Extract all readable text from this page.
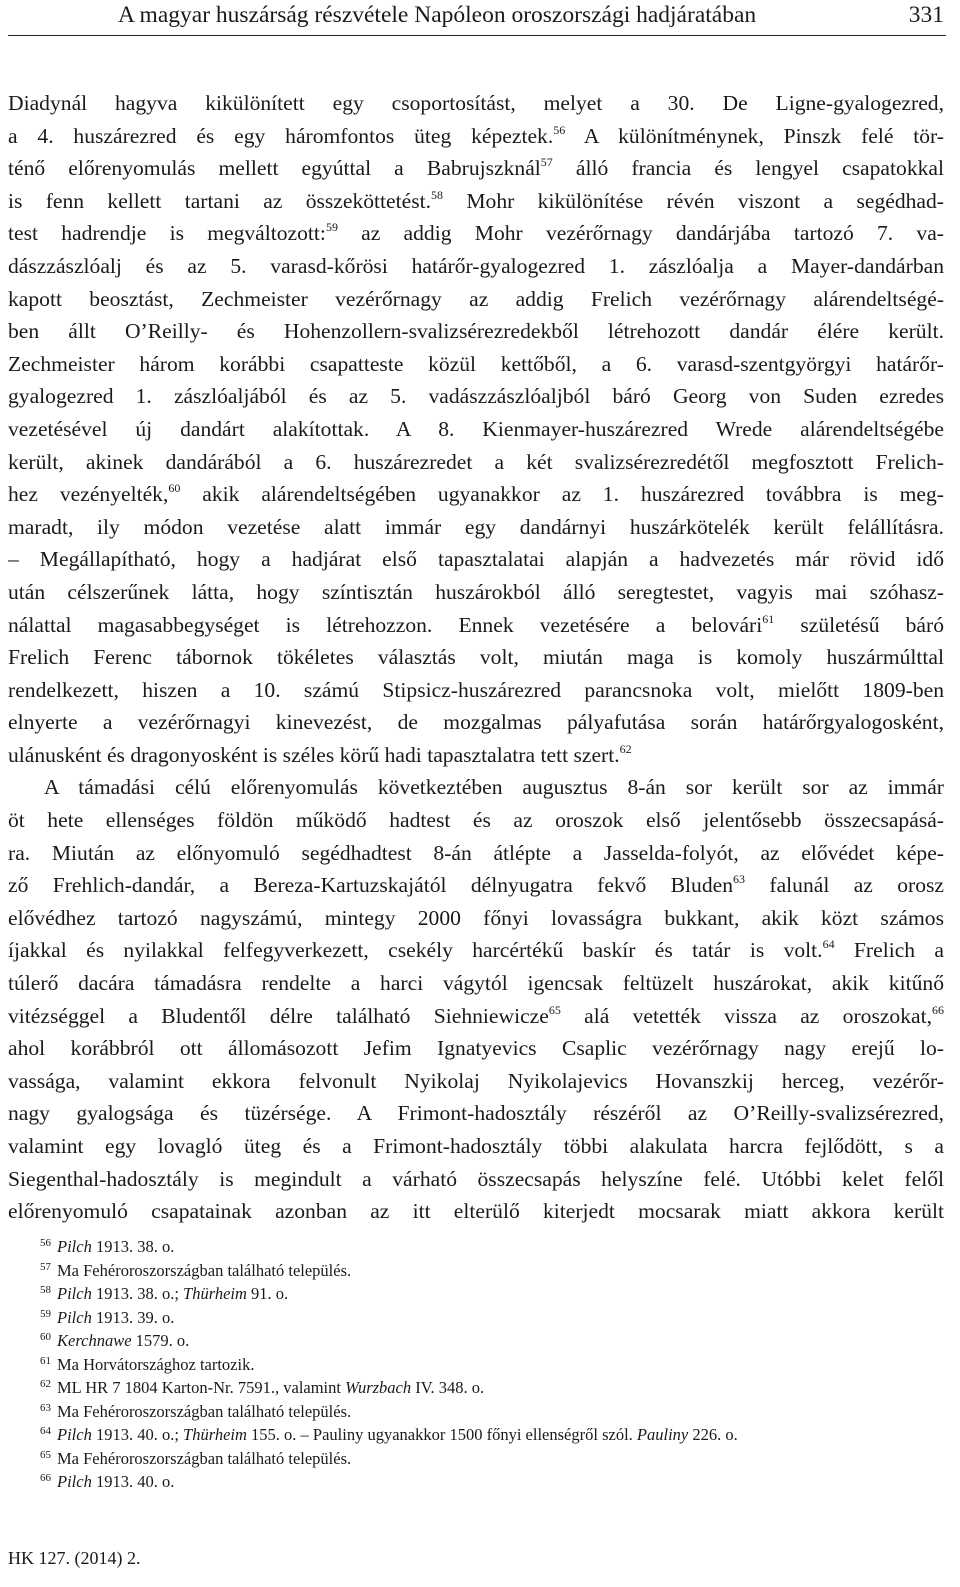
A magyar huszárság részvétele Napóleon oroszországi hadjáratában	331
Diadynál hagyva kikülönített egy csoportosítást, melyet a 30. De Ligne-gyalogezred,
a 4. huszárezred és egy háromfontos üteg képeztek.$^{56}$ A különítménynek, Pinszk felé tör-
ténő előrenyomulás mellett egyúttal a Babrujszknál$^{57}$ álló francia és lengyel csapatokkal
is fenn kellett tartani az összeköttetést.$^{58}$ Mohr kikülönítése révén viszont a segédhad-
test hadrendje is megváltozott:$^{59}$ az addig Mohr vezérőrnagy dandárjába tartozó 7. va-
dászzászlóalj és az 5. varasd-kőrösi határőr-gyalogezred 1. zászlóalja a Mayer-dandárban
kapott beosztást, Zechmeister vezérőrnagy az addig Frelich vezérőrnagy alárendeltségé-
ben állt O’Reilly- és Hohenzollern-svalizsérezredekből létrehozott dandár élére került.
Zechmeister három korábbi csapatteste közül kettőből, a 6. varasd-szentgyörgyi határőr-
gyalogezred 1. zászlóaljából és az 5. vadászzászlóaljból báró Georg von Suden ezredes
vezetésével új dandárt alakítottak. A 8. Kienmayer-huszárezred Wrede alárendeltségébe
került, akinek dandárából a 6. huszárezredet a két svalizsérezredétől megfosztott Frelich-
hez vezényelték,$^{60}$ akik alárendeltségében ugyanakkor az 1. huszárezred továbbra is meg-
maradt, ily módon vezetése alatt immár egy dandárnyi huszárkötelék került felállításra.
– Megállapítható, hogy a hadjárat első tapasztalatai alapján a hadvezetés már rövid idő
után célszerűnek látta, hogy színtisztán huszárokból álló seregtestet, vagyis mai szóhasz-
nálattal magasabbegységet is létrehozzon. Ennek vezetésére a belovári$^{61}$ születésű báró
Frelich Ferenc tábornok tökéletes választás volt, miután maga is komoly huszármúlttal
rendelkezett, hiszen a 10. számú Stipsicz-huszárezred parancsnoka volt, mielőtt 1809-ben
elnyerte a vezérőrnagyi kinevezést, de mozgalmas pályafutása során határőrgyalogosként,
ulánusként és dragonyosként is széles körű hadi tapasztalatra tett szert.$^{62}$
A támadási célú előrenyomulás következtében augusztus 8-án sor került sor az immár
öt hete ellenséges földön működő hadtest és az oroszok első jelentősebb összecsapásá-
ra. Miután az előnyomuló segédhadtest 8-án átlépte a Jasselda-folyót, az elővédet képe-
ző Frehlich-dandár, a Bereza-Kartuzskajától délnyugatra fekvő Bluden$^{63}$ falunál az orosz
elővédhez tartozó nagyszámú, mintegy 2000 főnyi lovasságra bukkant, akik közt számos
íjakkal és nyilakkal felfegyverkezett, csekély harcértékű baskír és tatár is volt.$^{64}$ Frelich a
túlerő dacára támadásra rendelte a harci vágytól igencsak feltüzelt huszárokat, akik kitűnő
vitézséggel a Bludentől délre található Siehniewicze$^{65}$ alá vetették vissza az oroszokat,$^{66}$
ahol korábbról ott állomásozott Jefim Ignatyevics Csaplic vezérőrnagy nagy erejű lo-
vassága, valamint ekkora felvonult Nyikolaj Nyikolajevics Hovanszkij herceg, vezérőr-
nagy gyalogsága és tüzérsége. A Frimont-hadosztály részéről az O’Reilly-svalizsérezred,
valamint egy lovagló üteg és a Frimont-hadosztály többi alakulata harcra fejlődött, s a
Siegenthal-hadosztály is megindult a várható összecsapás helyszíne felé. Utóbbi kelet felől
előrenyomuló csapatainak azonban az itt elterülő kiterjedt mocsarak miatt akkora került
$^{56}$ Pilch 1913. 38. o.
$^{57}$ Ma Fehéroroszországban található település.
$^{58}$ Pilch 1913. 38. o.; Thürheim 91. o.
$^{59}$ Pilch 1913. 39. o.
$^{60}$ Kerchnawe 1579. o.
$^{61}$ Ma Horvátországhoz tartozik.
$^{62}$ ML HR 7 1804 Karton-Nr. 7591., valamint Wurzbach IV. 348. o.
$^{63}$ Ma Fehéroroszországban található település.
$^{64}$ Pilch 1913. 40. o.; Thürheim 155. o. – Pauliny ugyanakkor 1500 főnyi ellenségről szól. Pauliny 226. o.
$^{65}$ Ma Fehéroroszországban található település.
$^{66}$ Pilch 1913. 40. o.
HK 127. (2014) 2.
